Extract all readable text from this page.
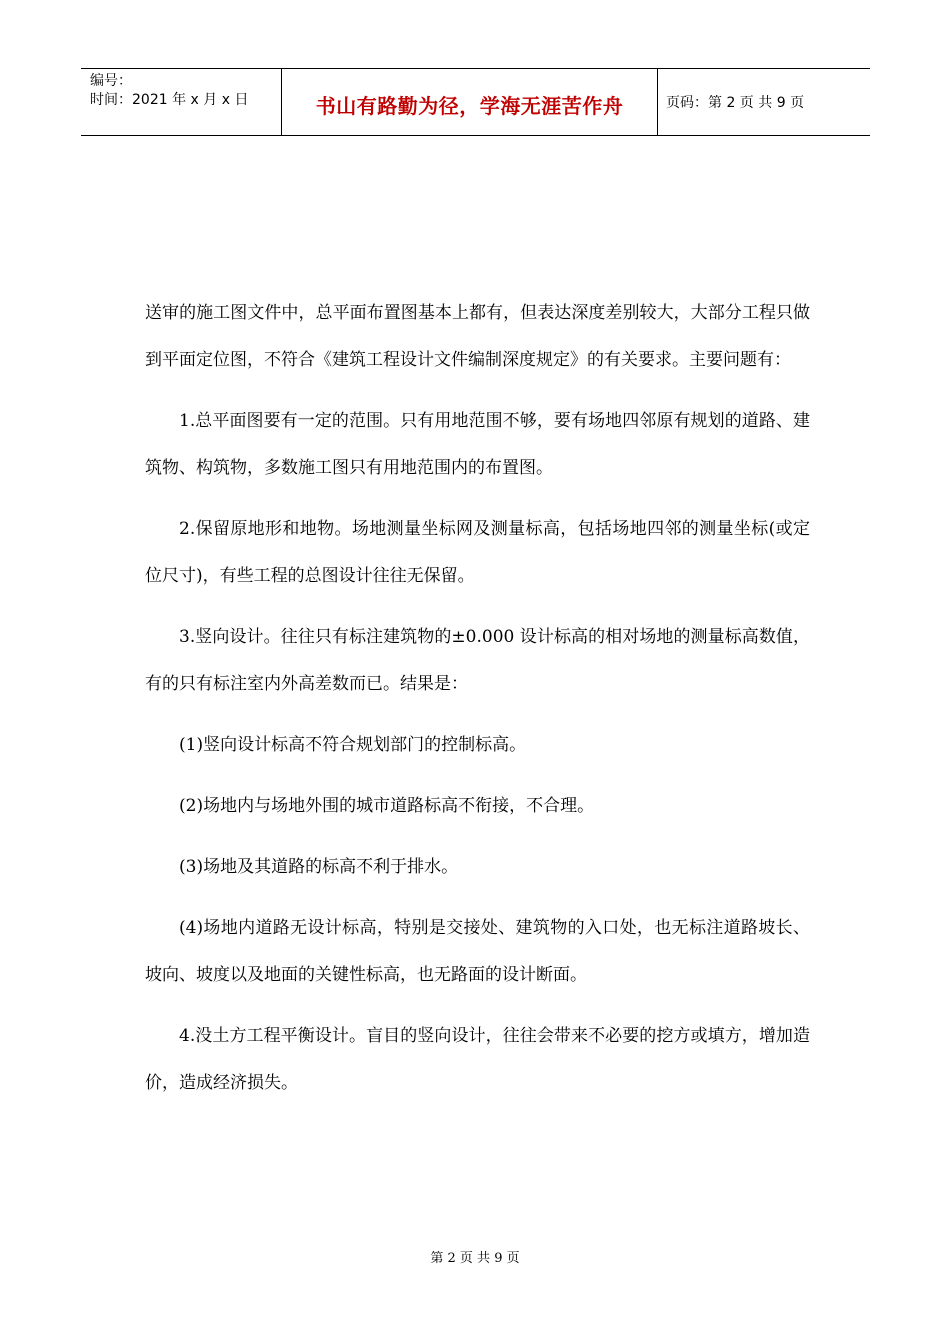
编号：
时间：2021 年 x 月 x 日	书山有路勤为径，学海无涯苦作舟	页码：第 2 页 共 9 页

送审的施工图文件中，总平面布置图基本上都有，但表达深度差别较大，大部分工程只做到平面定位图，不符合《建筑工程设计文件编制深度规定》的有关要求。主要问题有：

1.总平面图要有一定的范围。只有用地范围不够，要有场地四邻原有规划的道路、建筑物、构筑物，多数施工图只有用地范围内的布置图。

2.保留原地形和地物。场地测量坐标网及测量标高，包括场地四邻的测量坐标(或定位尺寸)，有些工程的总图设计往往无保留。

3.竖向设计。往往只有标注建筑物的±0.000 设计标高的相对场地的测量标高数值，有的只有标注室内外高差数而已。结果是：

(1)竖向设计标高不符合规划部门的控制标高。

(2)场地内与场地外围的城市道路标高不衔接，不合理。

(3)场地及其道路的标高不利于排水。

(4)场地内道路无设计标高，特别是交接处、建筑物的入口处，也无标注道路坡长、坡向、坡度以及地面的关键性标高，也无路面的设计断面。

4.没土方工程平衡设计。盲目的竖向设计，往往会带来不必要的挖方或填方，增加造价，造成经济损失。

第 2 页 共 9 页
